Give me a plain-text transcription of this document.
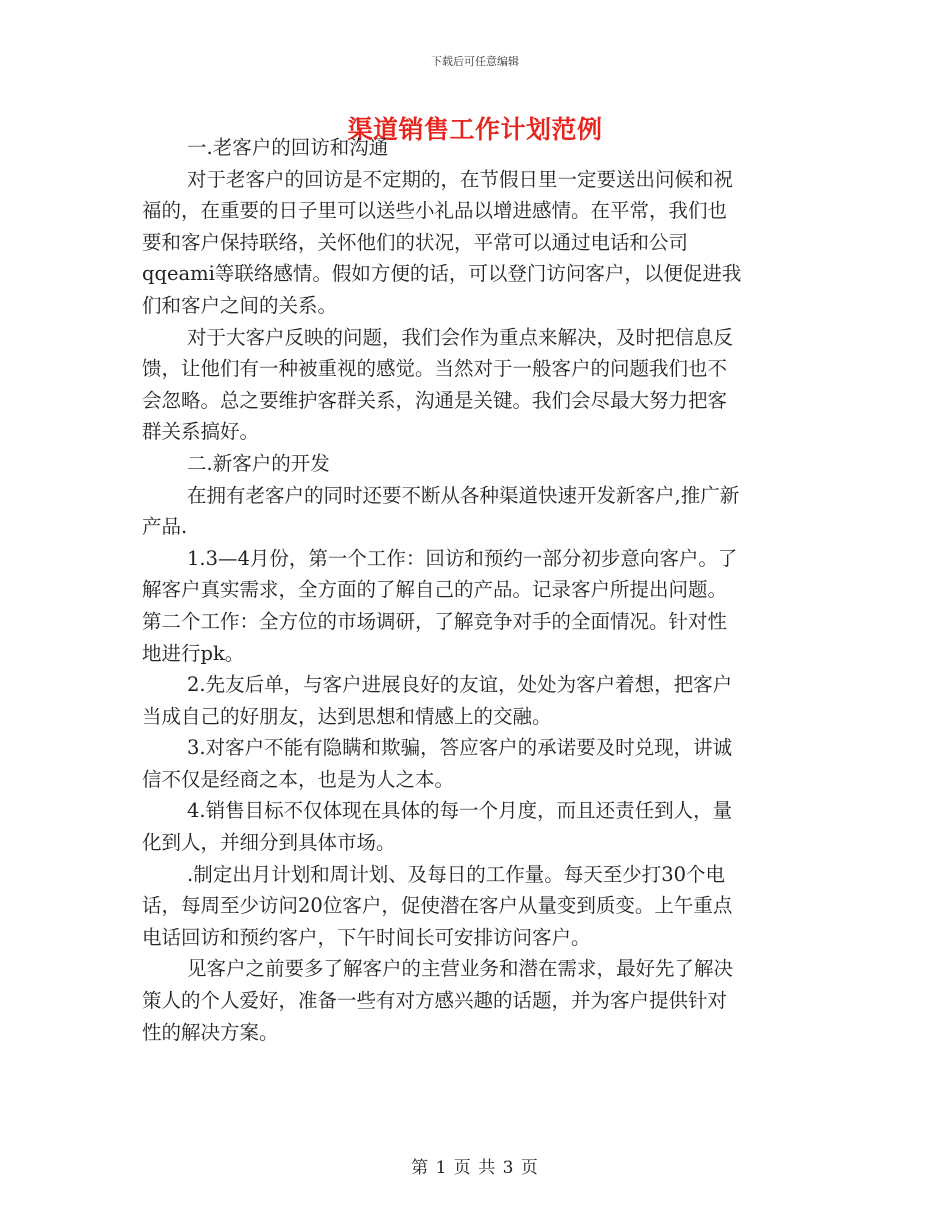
下载后可任意编辑
渠道销售工作计划范例
一.老客户的回访和沟通
对于老客户的回访是不定期的，在节假日里一定要送出问候和祝
福的，在重要的日子里可以送些小礼品以增进感情。在平常，我们也
要和客户保持联络，关怀他们的状况，平常可以通过电话和公司
qqeami等联络感情。假如方便的话，可以登门访问客户，以便促进我
们和客户之间的关系。
对于大客户反映的问题，我们会作为重点来解决，及时把信息反
馈，让他们有一种被重视的感觉。当然对于一般客户的问题我们也不
会忽略。总之要维护客群关系，沟通是关键。我们会尽最大努力把客
群关系搞好。
二.新客户的开发
在拥有老客户的同时还要不断从各种渠道快速开发新客户,推广新
产品.
1.3—4月份，第一个工作：回访和预约一部分初步意向客户。了
解客户真实需求，全方面的了解自己的产品。记录客户所提出问题。
第二个工作：全方位的市场调研，了解竞争对手的全面情况。针对性
地进行pk。
2.先友后单，与客户进展良好的友谊，处处为客户着想，把客户
当成自己的好朋友，达到思想和情感上的交融。
3.对客户不能有隐瞒和欺骗，答应客户的承诺要及时兑现，讲诚
信不仅是经商之本，也是为人之本。
4.销售目标不仅体现在具体的每一个月度，而且还责任到人，量
化到人，并细分到具体市场。
.制定出月计划和周计划、及每日的工作量。每天至少打30个电
话，每周至少访问20位客户，促使潜在客户从量变到质变。上午重点
电话回访和预约客户，下午时间长可安排访问客户。
见客户之前要多了解客户的主营业务和潜在需求，最好先了解决
策人的个人爱好，准备一些有对方感兴趣的话题，并为客户提供针对
性的解决方案。
第 1 页 共 3 页
